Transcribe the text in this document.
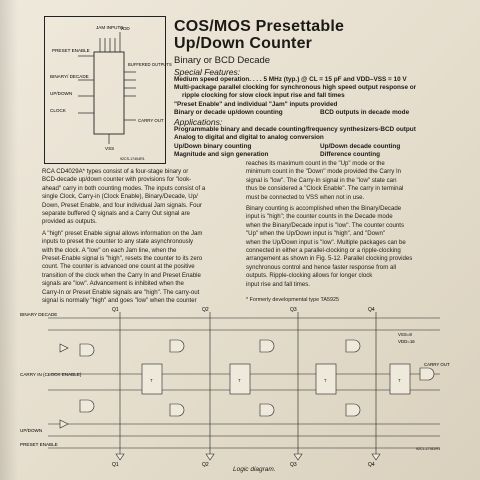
PRESET ENABLE
JAM INPUTS
VDD
BINARY/ DECADE
UP/DOWN
CLOCK
BUFFERED OUTPUTS
CARRY OUT
VSS
92CS-17404R1
COS/MOS Presettable
Up/Down Counter
Binary or BCD Decade
Special Features:
Medium speed operation. . . . 5 MHz (typ.) @ CL = 15 pF and VDD–VSS = 10 V
Multi-package parallel clocking for synchronous high speed output response or
ripple clocking for slow clock input rise and fall times
"Preset Enable" and individual "Jam" inputs provided
Binary or decade up/down counting	BCD outputs in decade mode
Applications:
Programmable binary and decade counting/frequency synthesizers-BCD output
Analog to digital and digital to analog conversion
Up/Down binary counting	Up/Down decade counting
Magnitude and sign generation	Difference counting
RCA CD4029A* types consist of a four-stage binary or
BCD-decade up/down counter with provisions for "look-
ahead" carry in both counting modes. The inputs consist of a
single Clock, Carry-in (Clock Enable), Binary/Decade, Up/
Down, Preset Enable, and four individual Jam signals. Four
separate buffered Q signals and a Carry Out signal are
provided as outputs.
A "high" preset Enable signal allows information on the Jam
inputs to preset the counter to any state asynchronously
with the clock. A "low" on each Jam line, when the
Preset-Enable signal is "high", resets the counter to its zero
count. The counter is advanced one count at the positive
transition of the clock when the Carry In and Preset Enable
signals are "low". Advancement is inhibited when the
Carry-In or Preset Enable signals are "high". The carry-out
signal is normally "high" and goes "low" when the counter
reaches its maximum count in the "Up" mode or the
minimum count in the "Down" mode provided the Carry In
signal is "low". The Carry-In signal in the "low" state can
thus be considered a "Clock Enable". The carry in terminal
must be connected to VSS when not in use.
Binary counting is accomplished when the Binary/Decade
input is "high"; the counter counts in the Decade mode
when the Binary/Decade input is "low". The counter counts
"Up" when the Up/Down input is "high", and "Down"
when the Up/Down input is "low". Multiple packages can be
connected in either a parallel-clocking or a ripple-clocking
arrangement as shown in Fig. 5-12. Parallel clocking provides
synchronous control and hence faster response from all
outputs. Ripple-clocking allows for longer clock
input rise and fall times.
* Formerly developmental type TA5925
T	T	T	T
BINARY DECADE
CARRY IN (CLOCK ENABLE)
UP/DOWN
PRESET ENABLE
Q1	Q2	Q3	Q4
Q1	Q2	Q3	Q4
VSS=8
VDD=16
CARRY OUT
92CL-17411R1
Logic diagram.
